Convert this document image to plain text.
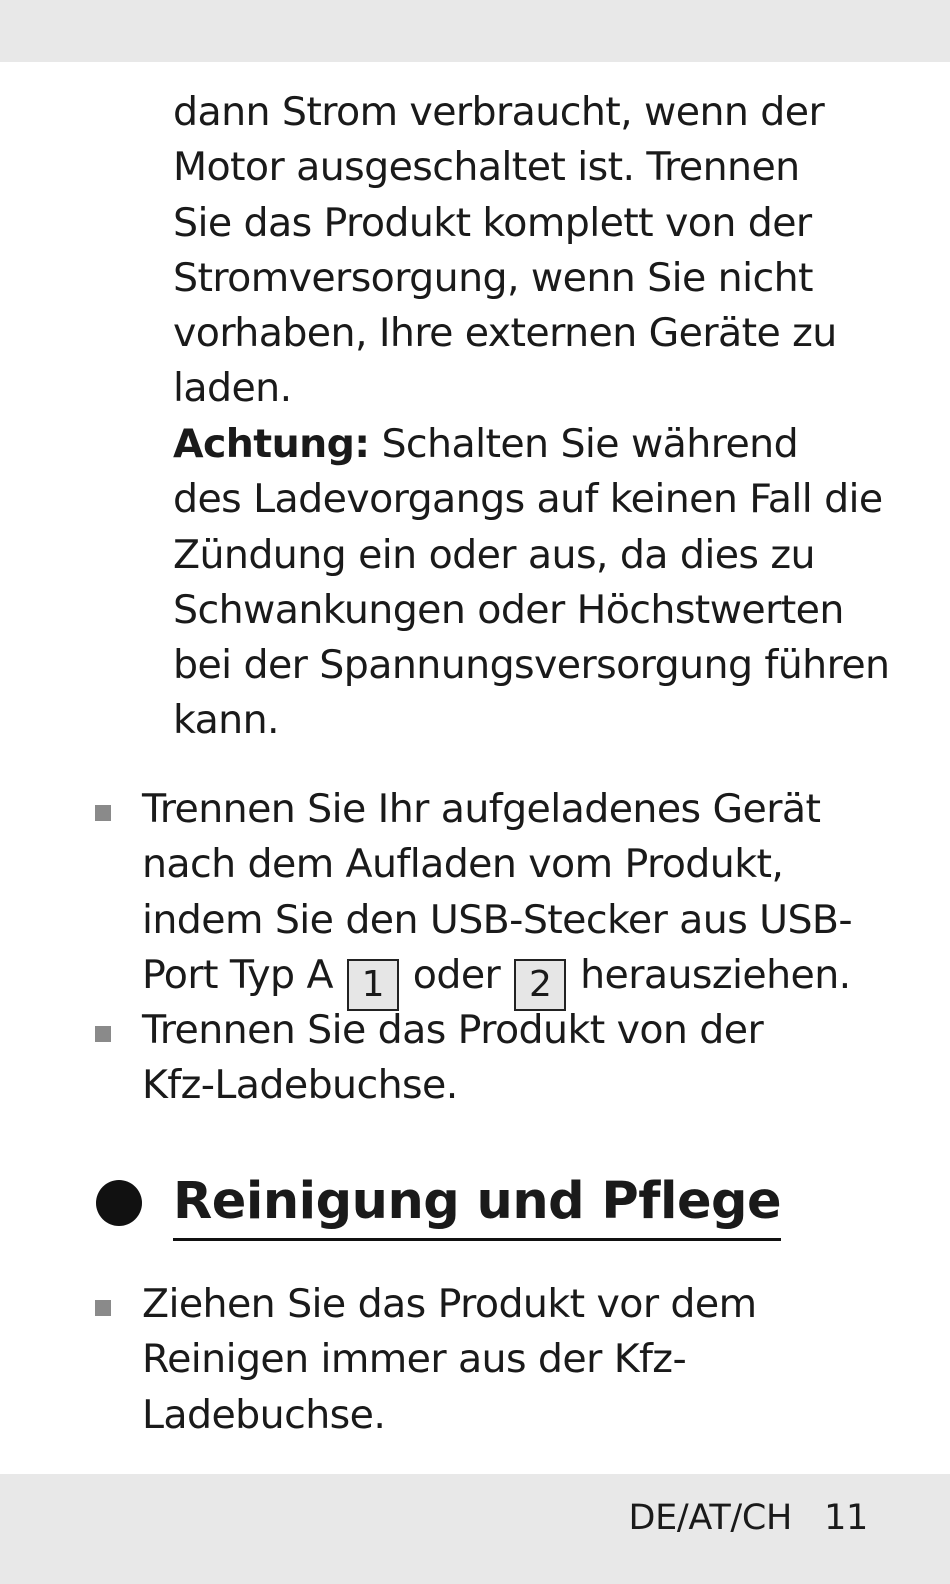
dann Strom verbraucht, wenn der
Motor ausgeschaltet ist. Trennen
Sie das Produkt komplett von der
Stromversorgung, wenn Sie nicht
vorhaben, Ihre externen Geräte zu
laden.
Achtung: Schalten Sie während
des Ladevorgangs auf keinen Fall die
Zündung ein oder aus, da dies zu
Schwankungen oder Höchstwerten
bei der Spannungsversorgung führen
kann.
Trennen Sie Ihr aufgeladenes Gerät
nach dem Aufladen vom Produkt,
indem Sie den USB-Stecker aus USB-
Port Typ A 1 oder 2 herausziehen.
Trennen Sie das Produkt von der
Kfz-Ladebuchse.
Reinigung und Pflege
Ziehen Sie das Produkt vor dem
Reinigen immer aus der Kfz-
Ladebuchse.
DE/AT/CH 11
